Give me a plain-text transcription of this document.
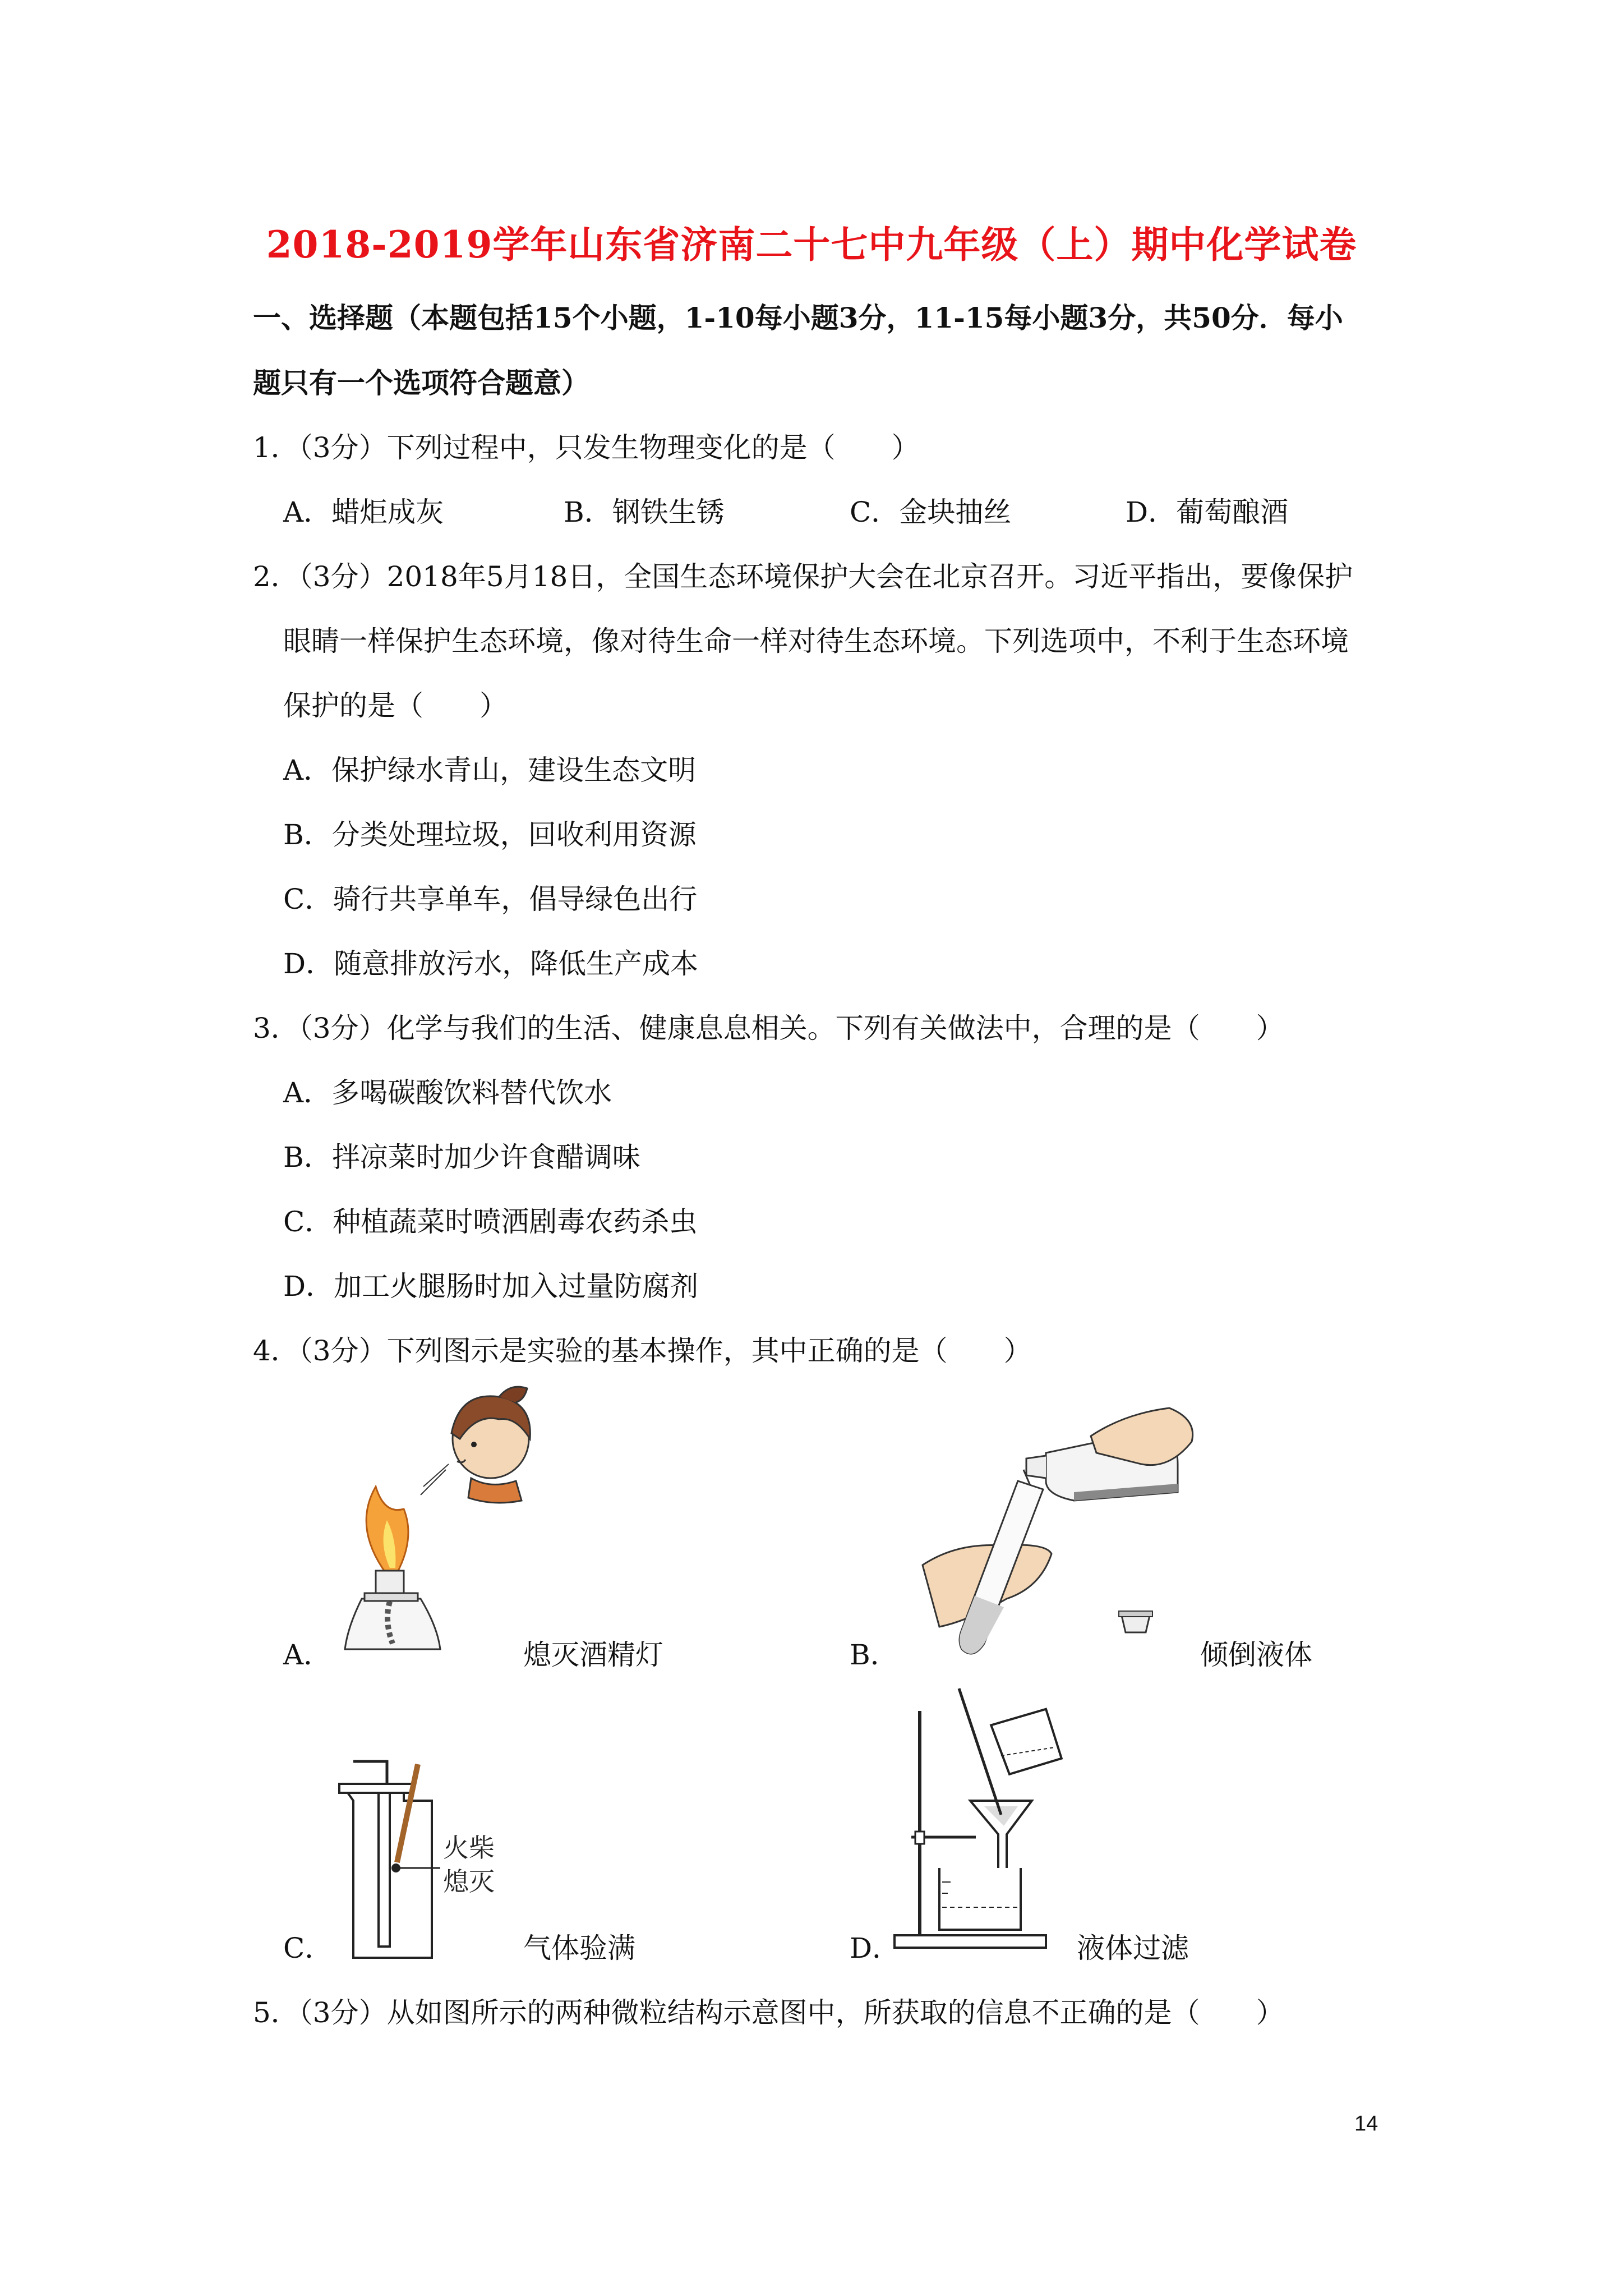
2018-2019学年山东省济南二十七中九年级（上）期中化学试卷
一、选择题（本题包括15个小题，1-10每小题3分，11-15每小题3分，共50分．每小
题只有一个选项符合题意）
1．（3分）下列过程中，只发生物理变化的是（　　）
A．蜡炬成灰	B．钢铁生锈	C．金块抽丝	D．葡萄酿酒
2．（3分）2018年5月18日，全国生态环境保护大会在北京召开。习近平指出，要像保护
眼睛一样保护生态环境，像对待生命一样对待生态环境。下列选项中，不利于生态环境
保护的是（　　）
A．保护绿水青山，建设生态文明
B．分类处理垃圾，回收利用资源
C．骑行共享单车，倡导绿色出行
D．随意排放污水，降低生产成本
3．（3分）化学与我们的生活、健康息息相关。下列有关做法中，合理的是（　　）
A．多喝碳酸饮料替代饮水
B．拌凉菜时加少许食醋调味
C．种植蔬菜时喷洒剧毒农药杀虫
D．加工火腿肠时加入过量防腐剂
4．（3分）下列图示是实验的基本操作，其中正确的是（　　）
A．	熄灭酒精灯	B．	倾倒液体
火柴
熄灭
C．	气体验满	D．	液体过滤
5．（3分）从如图所示的两种微粒结构示意图中，所获取的信息不正确的是（　　）
14
